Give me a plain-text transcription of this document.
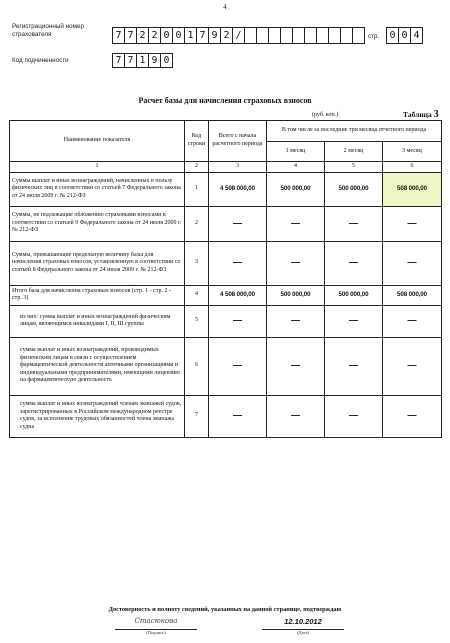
4
Регистрационный номер страхователя	7 7 2 2 0 0 1 7 9 2 /	стр.	0 0 4
Код подчиненности	7 7 1 9 0
Расчет базы для начисления страховых взносов
(руб. коп.)	Таблица 3
Наименование показателя	Код строки	Всего с начала расчетного периода	В том числе за последние три месяца отчетного периода		
			1 месяц	2 месяц	3 месяц
1	2	3	4	5	6
Суммы выплат и иных вознаграждений, начисленных в пользу физических лиц в соответствии со статьей 7 Федерального закона от 24 июля 2009 г. № 212-ФЗ	1	4 508 000,00	500 000,00	500 000,00	508 000,00
Суммы, не подлежащие обложению страховыми взносами в соответствии со статьей 9 Федерального закона от 24 июля 2009 г. № 212-ФЗ	2	—	—	—	—
Суммы, превышающие предельную величину базы для начисления страховых взносов, установленную в соответствии со статьей 8 Федерального закона от 24 июля 2009 г. № 212-ФЗ	3	—	—	—	—
Итого база для начисления страховых взносов (стр. 1 - стр. 2 - стр. 3)	4	4 508 000,00	500 000,00	500 000,00	508 000,00
из них: сумма выплат и иных вознаграждений физическим лицам, являющимся инвалидами I, II, III группы	5	—	—	—	—
сумма выплат и иных вознаграждений, производимых физическим лицам в связи с осуществлением фармацевтической деятельности аптечными организациями и индивидуальными предпринимателями, имеющими лицензию на фармацевтическую деятельность	6	—	—	—	—
сумма выплат и иных вознаграждений членам экипажей судов, зарегистрированных в Российском международном реестре судов, за исполнение трудовых обязанностей члена экипажа судна	7	—	—	—	—
Достоверность и полноту сведений, указанных на данной странице, подтверждаю
Стасюкова
(Подпись)
12.10.2012
(Дата)
